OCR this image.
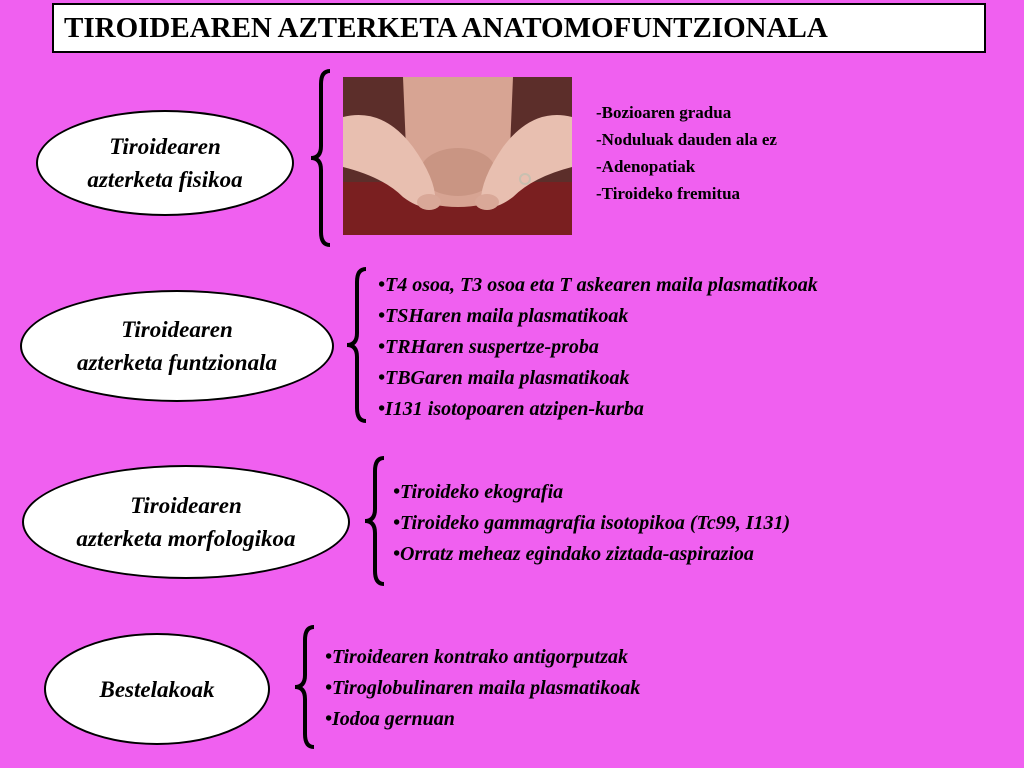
TIROIDEAREN AZTERKETA ANATOMOFUNTZIONALA
Tiroidearen
azterketa fisikoa
-Bozioaren gradua
-Noduluak dauden ala ez
-Adenopatiak
-Tiroideko fremitua
Tiroidearen
azterketa funtzionala
•T4 osoa, T3 osoa eta T askearen maila plasmatikoak
•TSHaren maila plasmatikoak
•TRHaren suspertze-proba
•TBGaren maila plasmatikoak
•I131 isotopoaren atzipen-kurba
Tiroidearen
azterketa morfologikoa
•Tiroideko ekografia
•Tiroideko gammagrafia isotopikoa (Tc99, I131)
•Orratz meheaz egindako ziztada-aspirazioa
Bestelakoak
•Tiroidearen kontrako antigorputzak
•Tiroglobulinaren maila plasmatikoak
•Iodoa gernuan
